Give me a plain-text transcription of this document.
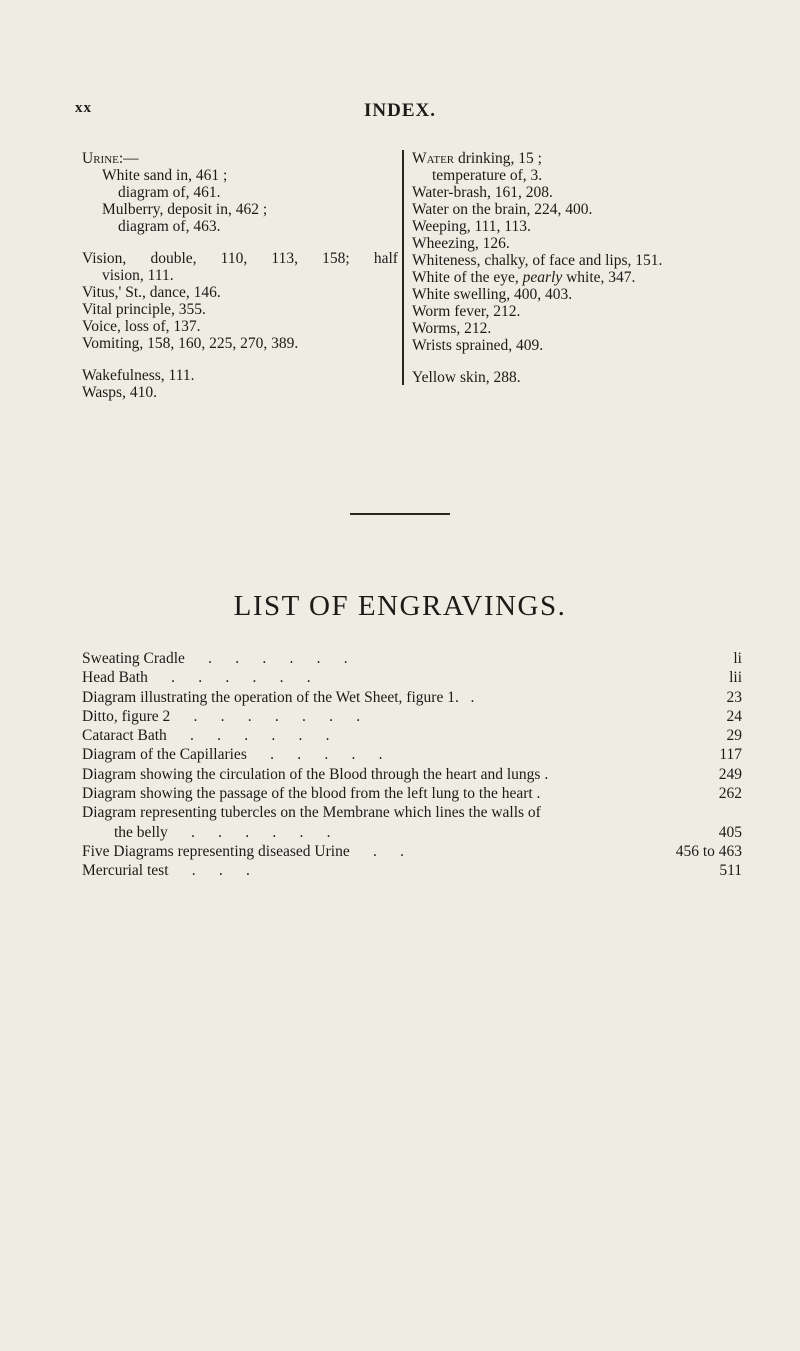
xx	INDEX.
Urine:—
White sand in, 461 ;
diagram of, 461.
Mulberry, deposit in, 462 ;
diagram of, 463.
Vision, double, 110, 113, 158; half
vision, 111.
Vitus,' St., dance, 146.
Vital principle, 355.
Voice, loss of, 137.
Vomiting, 158, 160, 225, 270, 389.
Wakefulness, 111.
Wasps, 410.
Water drinking, 15 ;
temperature of, 3.
Water-brash, 161, 208.
Water on the brain, 224, 400.
Weeping, 111, 113.
Wheezing, 126.
Whiteness, chalky, of face and lips, 151.
White of the eye, pearly white, 347.
White swelling, 400, 403.
Worm fever, 212.
Worms, 212.
Wrists sprained, 409.
Yellow skin, 288.
LIST OF ENGRAVINGS.
Sweating Cradle      .      .      .      .      .      .	li
Head Bath      .      .      .      .      .      .	lii
Diagram illustrating the operation of the Wet Sheet, figure 1.   .	23
Ditto, figure 2      .      .      .      .      .      .      .	24
Cataract Bath      .      .      .      .      .      .	29
Diagram of the Capillaries      .      .      .      .      .	117
Diagram showing the circulation of the Blood through the heart and lungs .	249
Diagram showing the passage of the blood from the left lung to the heart .	262
Diagram representing tubercles on the Membrane which lines the walls of
the belly      .      .      .      .      .      .	405
Five Diagrams representing diseased Urine      .      .	456 to 463
Mercurial test      .      .      .	511
